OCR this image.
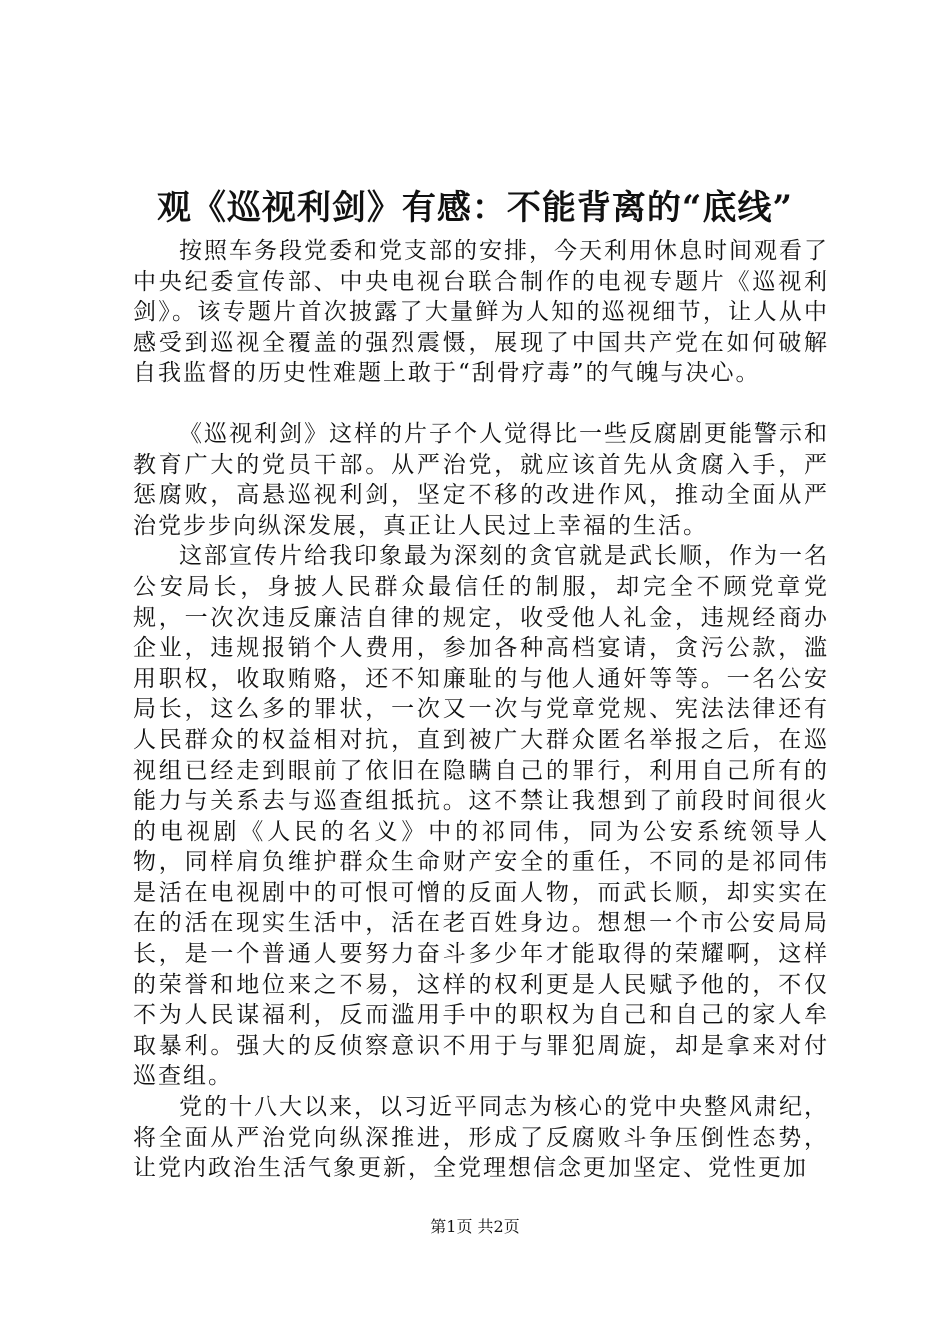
观《巡视利剑》有感：不能背离的“底线”

按照车务段党委和党支部的安排，今天利用休息时间观看了中央纪委宣传部、中央电视台联合制作的电视专题片《巡视利剑》。该专题片首次披露了大量鲜为人知的巡视细节，让人从中感受到巡视全覆盖的强烈震慑，展现了中国共产党在如何破解自我监督的历史性难题上敢于“刮骨疗毒”的气魄与决心。

《巡视利剑》这样的片子个人觉得比一些反腐剧更能警示和教育广大的党员干部。从严治党，就应该首先从贪腐入手，严惩腐败，高悬巡视利剑，坚定不移的改进作风，推动全面从严治党步步向纵深发展，真正让人民过上幸福的生活。

这部宣传片给我印象最为深刻的贪官就是武长顺，作为一名公安局长，身披人民群众最信任的制服，却完全不顾党章党规，一次次违反廉洁自律的规定，收受他人礼金，违规经商办企业，违规报销个人费用，参加各种高档宴请，贪污公款，滥用职权，收取贿赂，还不知廉耻的与他人通奸等等。一名公安局长，这么多的罪状，一次又一次与党章党规、宪法法律还有人民群众的权益相对抗，直到被广大群众匿名举报之后，在巡视组已经走到眼前了依旧在隐瞒自己的罪行，利用自己所有的能力与关系去与巡查组抵抗。这不禁让我想到了前段时间很火的电视剧《人民的名义》中的祁同伟，同为公安系统领导人物，同样肩负维护群众生命财产安全的重任，不同的是祁同伟是活在电视剧中的可恨可憎的反面人物，而武长顺，却实实在在的活在现实生活中，活在老百姓身边。想想一个市公安局局长，是一个普通人要努力奋斗多少年才能取得的荣耀啊，这样的荣誉和地位来之不易，这样的权利更是人民赋予他的，不仅不为人民谋福利，反而滥用手中的职权为自己和自己的家人牟取暴利。强大的反侦察意识不用于与罪犯周旋，却是拿来对付巡查组。

党的十八大以来，以习近平同志为核心的党中央整风肃纪，将全面从严治党向纵深推进，形成了反腐败斗争压倒性态势，让党内政治生活气象更新，全党理想信念更加坚定、党性更加

第1页 共2页
